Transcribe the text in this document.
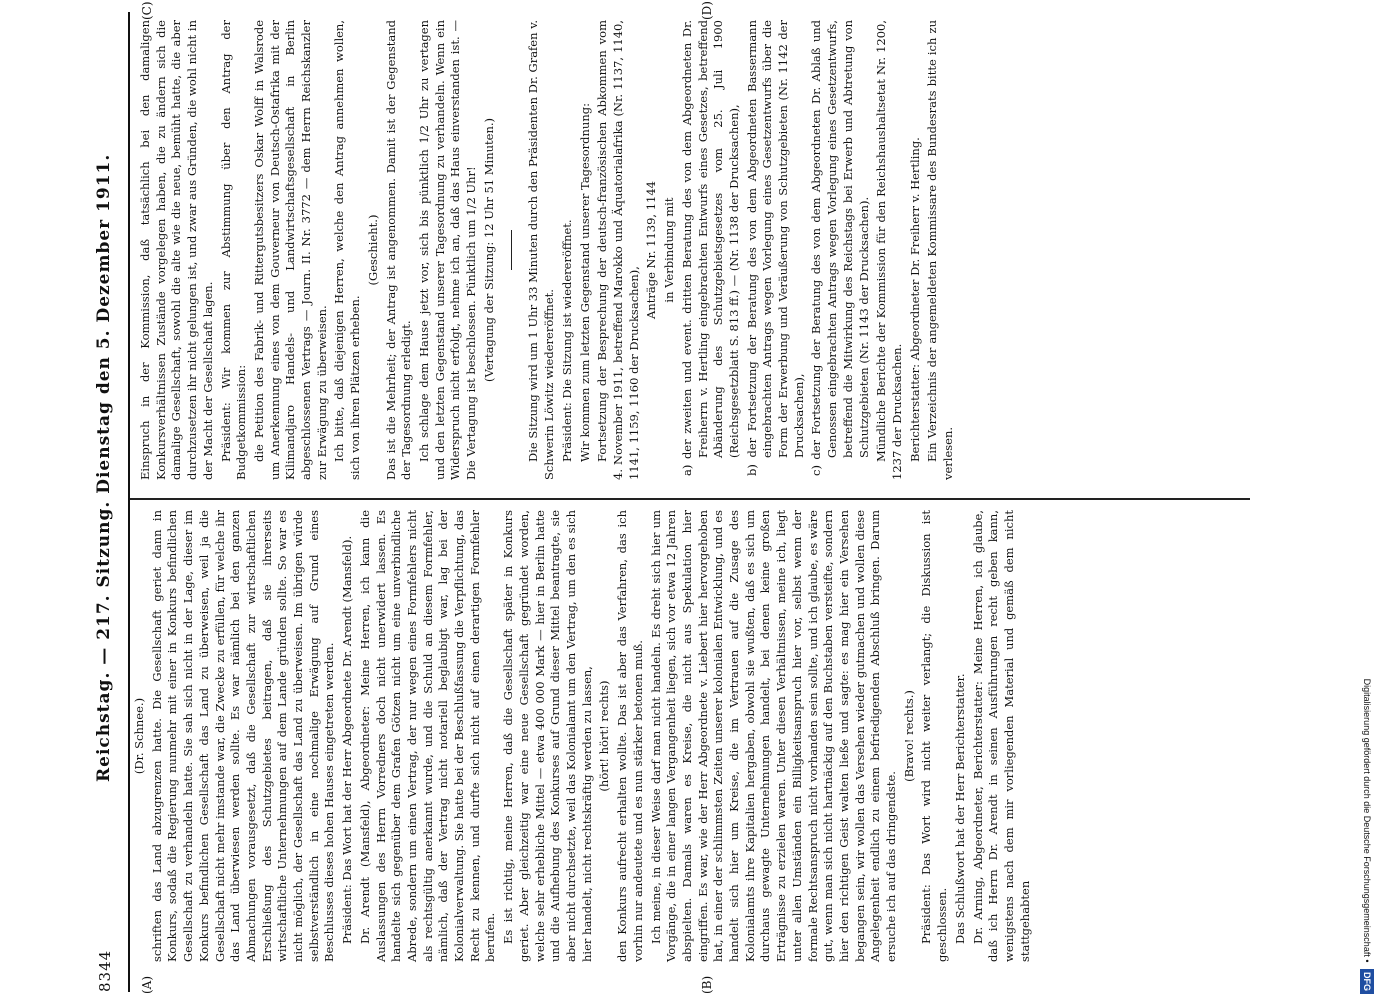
8344
Reichstag. — 217. Sitzung. Dienstag den 5. Dezember 1911.
(A)	(B)
(C)	(D)

(Dr. Schnee.) schriften das Land abzugrenzen hatte. Die Gesellschaft geriet dann in Konkurs, sodaß die Regierung nunmehr mit einer in Konkurs befindlichen Gesellschaft zu verhandeln hatte. Sie sah sich nicht in der Lage, dieser im Konkurs befindlichen Gesellschaft das Land zu überweisen, weil ja die Gesellschaft nicht mehr imstande war, die Zwecke zu erfüllen, für welche ihr das Land überwiesen werden sollte. Es war nämlich bei den ganzen Abmachungen vorausgesetzt, daß die Gesellschaft zur wirtschaftlichen Erschließung des Schutzgebietes beitragen, daß sie ihrerseits wirtschaftliche Unternehmungen auf dem Lande gründen sollte. So war es nicht möglich, der Gesellschaft das Land zu überweisen. Im übrigen würde selbstverständlich in eine nochmalige Erwägung auf Grund eines Beschlusses dieses hohen Hauses eingetreten werden. Präsident: Das Wort hat der Herr Abgeordnete Dr. Arendt (Mansfeld). Dr. Arendt (Mansfeld), Abgeordneter: Meine Herren, ich kann die Auslassungen des Herrn Vorredners doch nicht unerwidert lassen. Es handelte sich gegenüber dem Grafen Götzen nicht um eine unverbindliche Abrede, sondern um einen Vertrag, der nur wegen eines Formfehlers nicht als rechtsgültig anerkannt wurde, und die Schuld an diesem Formfehler, nämlich, daß der Vertrag nicht notariell beglaubigt war, lag bei der Kolonialverwaltung. Sie hatte bei der Beschlußfassung die Verpflichtung, das Recht zu kennen, und durfte sich nicht auf einen derartigen Formfehler berufen. Es ist richtig, meine Herren, daß die Gesellschaft später in Konkurs geriet. Aber gleichzeitig war eine neue Gesellschaft gegründet worden, welche sehr erhebliche Mittel — etwa 400 000 Mark — hier in Berlin hatte und die Aufhebung des Konkurses auf Grund dieser Mittel beantragte, sie aber nicht durchsetzte, weil das Kolonialamt um den Vertrag, um den es sich hier handelt, nicht rechtskräftig werden zu lassen, (hört! hört! rechts) den Konkurs aufrecht erhalten wollte. Das ist aber das Verfahren, das ich vorhin nur andeutete und es nun stärker betonen muß. Ich meine, in dieser Weise darf man nicht handeln. Es dreht sich hier um Vorgänge, die in einer langen Vergangenheit liegen, sich vor etwa 12 Jahren abspielten. Damals waren es Kreise, die nicht aus Spekulation hier eingriffen. Es war, wie der Herr Abgeordnete v. Liebert hier hervorgehoben hat, in einer der schlimmsten Zeiten unserer kolonialen Entwicklung, und es handelt sich hier um Kreise, die im Vertrauen auf die Zusage des Kolonialamts ihre Kapitalien hergaben, obwohl sie wußten, daß es sich um durchaus gewagte Unternehmungen handelt, bei denen keine großen Erträgnisse zu erzielen waren. Unter diesen Verhältnissen, meine ich, liegt unter allen Umständen ein Billigkeitsanspruch hier vor, selbst wenn der formale Rechtsanspruch nicht vorhanden sein sollte, und ich glaube, es wäre gut, wenn man sich nicht hartnäckig auf den Buchstaben versteifte, sondern hier den richtigen Geist walten ließe und sagte: es mag hier ein Versehen begangen sein, wir wollen das Versehen wieder gutmachen und wollen diese Angelegenheit endlich zu einem befriedigenden Abschluß bringen. Darum ersuche ich auf das dringendste.

(Bravo! rechts.) Präsident: Das Wort wird nicht weiter verlangt; die Diskussion ist geschlossen. Das Schlußwort hat der Herr Berichterstatter. Dr. Arning, Abgeordneter, Berichterstatter: Meine Herren, ich glaube, daß ich Herrn Dr. Arendt in seinen Ausführungen recht geben kann, wenigstens nach dem mir vorliegenden Material und gemäß dem nicht stattgehabten

Einspruch in der Kommission, daß tatsächlich bei den damaligen Konkursverhältnissen Zustände vorgelegen haben, die zu ändern sich die damalige Gesellschaft, sowohl die alte wie die neue, bemüht hatte, die aber durchzusetzen ihr nicht gelungen ist, und zwar aus Gründen, die wohl nicht in der Macht der Gesellschaft lagen. Präsident: Wir kommen zur Abstimmung über den Antrag der Budgetkommission: die Petition des Fabrik- und Rittergutsbesitzers Oskar Wolff in Walsrode um Anerkennung eines von dem Gouverneur von Deutsch-Ostafrika mit der Kilimandjaro Handels- und Landwirtschaftsgesellschaft in Berlin abgeschlossenen Vertrags — Journ. II. Nr. 3772 — dem Herrn Reichskanzler zur Erwägung zu überweisen. Ich bitte, daß diejenigen Herren, welche den Antrag annehmen wollen, sich von ihren Plätzen erheben.

(Geschieht.) Das ist die Mehrheit; der Antrag ist angenommen. Damit ist der Gegenstand der Tagesordnung erledigt. Ich schlage dem Hause jetzt vor, sich bis pünktlich 1/2 Uhr zu vertagen und den letzten Gegenstand unserer Tagesordnung zu verhandeln. Wenn ein Widerspruch nicht erfolgt, nehme ich an, daß das Haus einverstanden ist. — Die Vertagung ist beschlossen. Pünktlich um 1/2 Uhr! (Vertagung der Sitzung: 12 Uhr 51 Minuten.)	Die Sitzung wird um 1 Uhr 33 Minuten durch den Präsidenten Dr. Grafen v. Schwerin Löwitz wiedereröffnet. Präsident: Die Sitzung ist wiedereröffnet. Wir kommen zum letzten Gegenstand unserer Tagesordnung: Fortsetzung der Besprechung der deutsch-französischen Abkommen vom 4. November 1911, betreffend Marokko und Äquatorialafrika (Nr. 1137, 1140, 1141, 1159, 1160 der Drucksachen),

Anträge Nr. 1139, 1144 in Verbindung mit a) der zweiten und event. dritten Beratung des von dem Abgeordneten Dr. Freiherrn v. Hertling eingebrachten Entwurfs eines Gesetzes, betreffend Abänderung des Schutzgebietsgesetzes vom 25. Juli 1900 (Reichsgesetzblatt S. 813 ff.) — (Nr. 1138 der Drucksachen), b) der Fortsetzung der Beratung des von dem Abgeordneten Bassermann eingebrachten Antrags wegen Vorlegung eines Gesetzentwurfs über die Form der Erwerbung und Veräußerung von Schutzgebieten (Nr. 1142 der Drucksachen), c) der Fortsetzung der Beratung des von dem Abgeordneten Dr. Ablaß und Genossen eingebrachten Antrags wegen Vorlegung eines Gesetzentwurfs, betreffend die Mitwirkung des Reichstags bei Erwerb und Abtretung von Schutzgebieten (Nr. 1143 der Drucksachen). Mündliche Berichte der Kommission für den Reichshaushaltsetat Nr. 1200, 1237 der Drucksachen. Berichterstatter: Abgeordneter Dr. Freiherr v. Hertling. Ein Verzeichnis der angemeldeten Kommissare des Bundesrats bitte ich zu verlesen.

Digitalisierung gefördert durch die Deutsche Forschungsgemeinschaft • DFG
